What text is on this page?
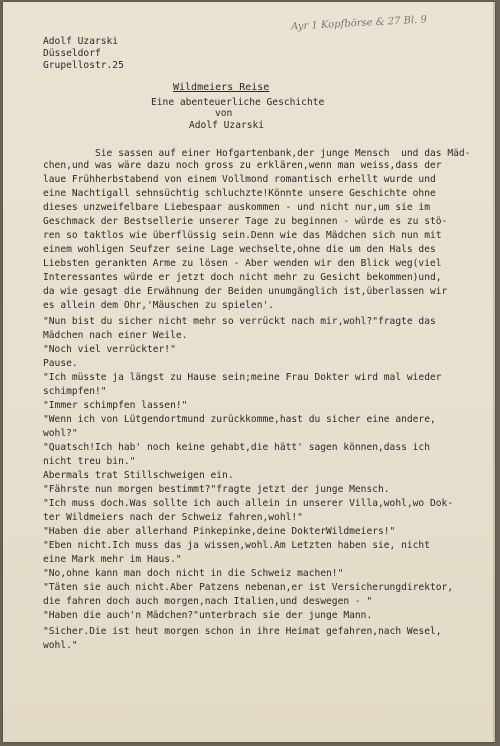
Ayr 1 Kopfbörse & 27 Bl. 9
Adolf Uzarski
Düsseldorf
Grupellostr.25
Wildmeiers Reise
Eine abenteuerliche Geschichte
von
Adolf Uzarski
Sie sassen auf einer Hofgartenbank,der junge Mensch  und das Mäd-
chen,und was wäre dazu noch gross zu erklären,wenn man weiss,dass der
laue Frühherbstabend von einem Vollmond romantisch erhellt wurde und
eine Nachtigall sehnsüchtig schluchzte!Könnte unsere Geschichte ohne
dieses unzweifelbare Liebespaar auskommen - und nicht nur,um sie im
Geschmack der Bestsellerie unserer Tage zu beginnen - würde es zu stö-
ren so taktlos wie überflüssig sein.Denn wie das Mädchen sich nun mit
einem wohligen Seufzer seine Lage wechselte,ohne die um den Hals des
Liebsten gerankten Arme zu lösen - Aber wenden wir den Blick weg(viel
Interessantes würde er jetzt doch nicht mehr zu Gesicht bekommen)und,
da wie gesagt die Erwähnung der Beiden unumgänglich ist,überlassen wir
es allein dem Ohr,'Mäuschen zu spielen'.
"Nun bist du sicher nicht mehr so verrückt nach mir,wohl?"fragte das
Mädchen nach einer Weile.
"Noch viel verrückter!"
Pause.
"Ich müsste ja längst zu Hause sein;meine Frau Dokter wird mal wieder
schimpfen!"
"Immer schimpfen lassen!"
"Wenn ich von Lütgendortmund zurückkomme,hast du sicher eine andere,
wohl?"
"Quatsch!Ich hab' noch keine gehabt,die hätt' sagen können,dass ich
nicht treu bin."
Abermals trat Stillschweigen ein.
"Fährste nun morgen bestimmt?"fragte jetzt der junge Mensch.
"Ich muss doch.Was sollte ich auch allein in unserer Villa,wohl,wo Dok-
ter Wildmeiers nach der Schweiz fahren,wohl!"
"Haben die aber allerhand Pinkepinke,deine DokterWildmeiers!"
"Eben nicht.Ich muss das ja wissen,wohl.Am Letzten haben sie, nicht
eine Mark mehr im Haus."
"No,ohne kann man doch nicht in die Schweiz machen!"
"Täten sie auch nicht.Aber Patzens nebenan,er ist Versicherungdirektor,
die fahren doch auch morgen,nach Italien,und deswegen - "
"Haben die auch'n Mädchen?"unterbrach sie der junge Mann.
"Sicher.Die ist heut morgen schon in ihre Heimat gefahren,nach Wesel,
wohl."
